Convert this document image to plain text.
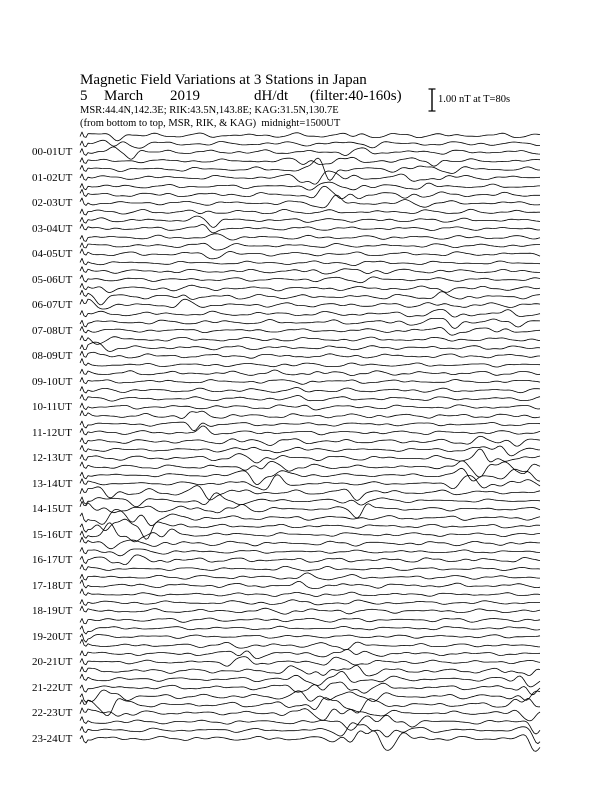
Magnetic Field Variations at 3 Stations in Japan
5 March 2019	dH/dt (filter:40-160s)
MSR:44.4N,142.3E; RIK:43.5N,143.8E; KAG:31.5N,130.7E
(from bottom to top, MSR, RIK, & KAG) midnight=1500UT
1.00 nT at T=80s
00-01UT
01-02UT
02-03UT
03-04UT
04-05UT
05-06UT
06-07UT
07-08UT
08-09UT
09-10UT
10-11UT
11-12UT
12-13UT
13-14UT
14-15UT
15-16UT
16-17UT
17-18UT
18-19UT
19-20UT
20-21UT
21-22UT
22-23UT
23-24UT
